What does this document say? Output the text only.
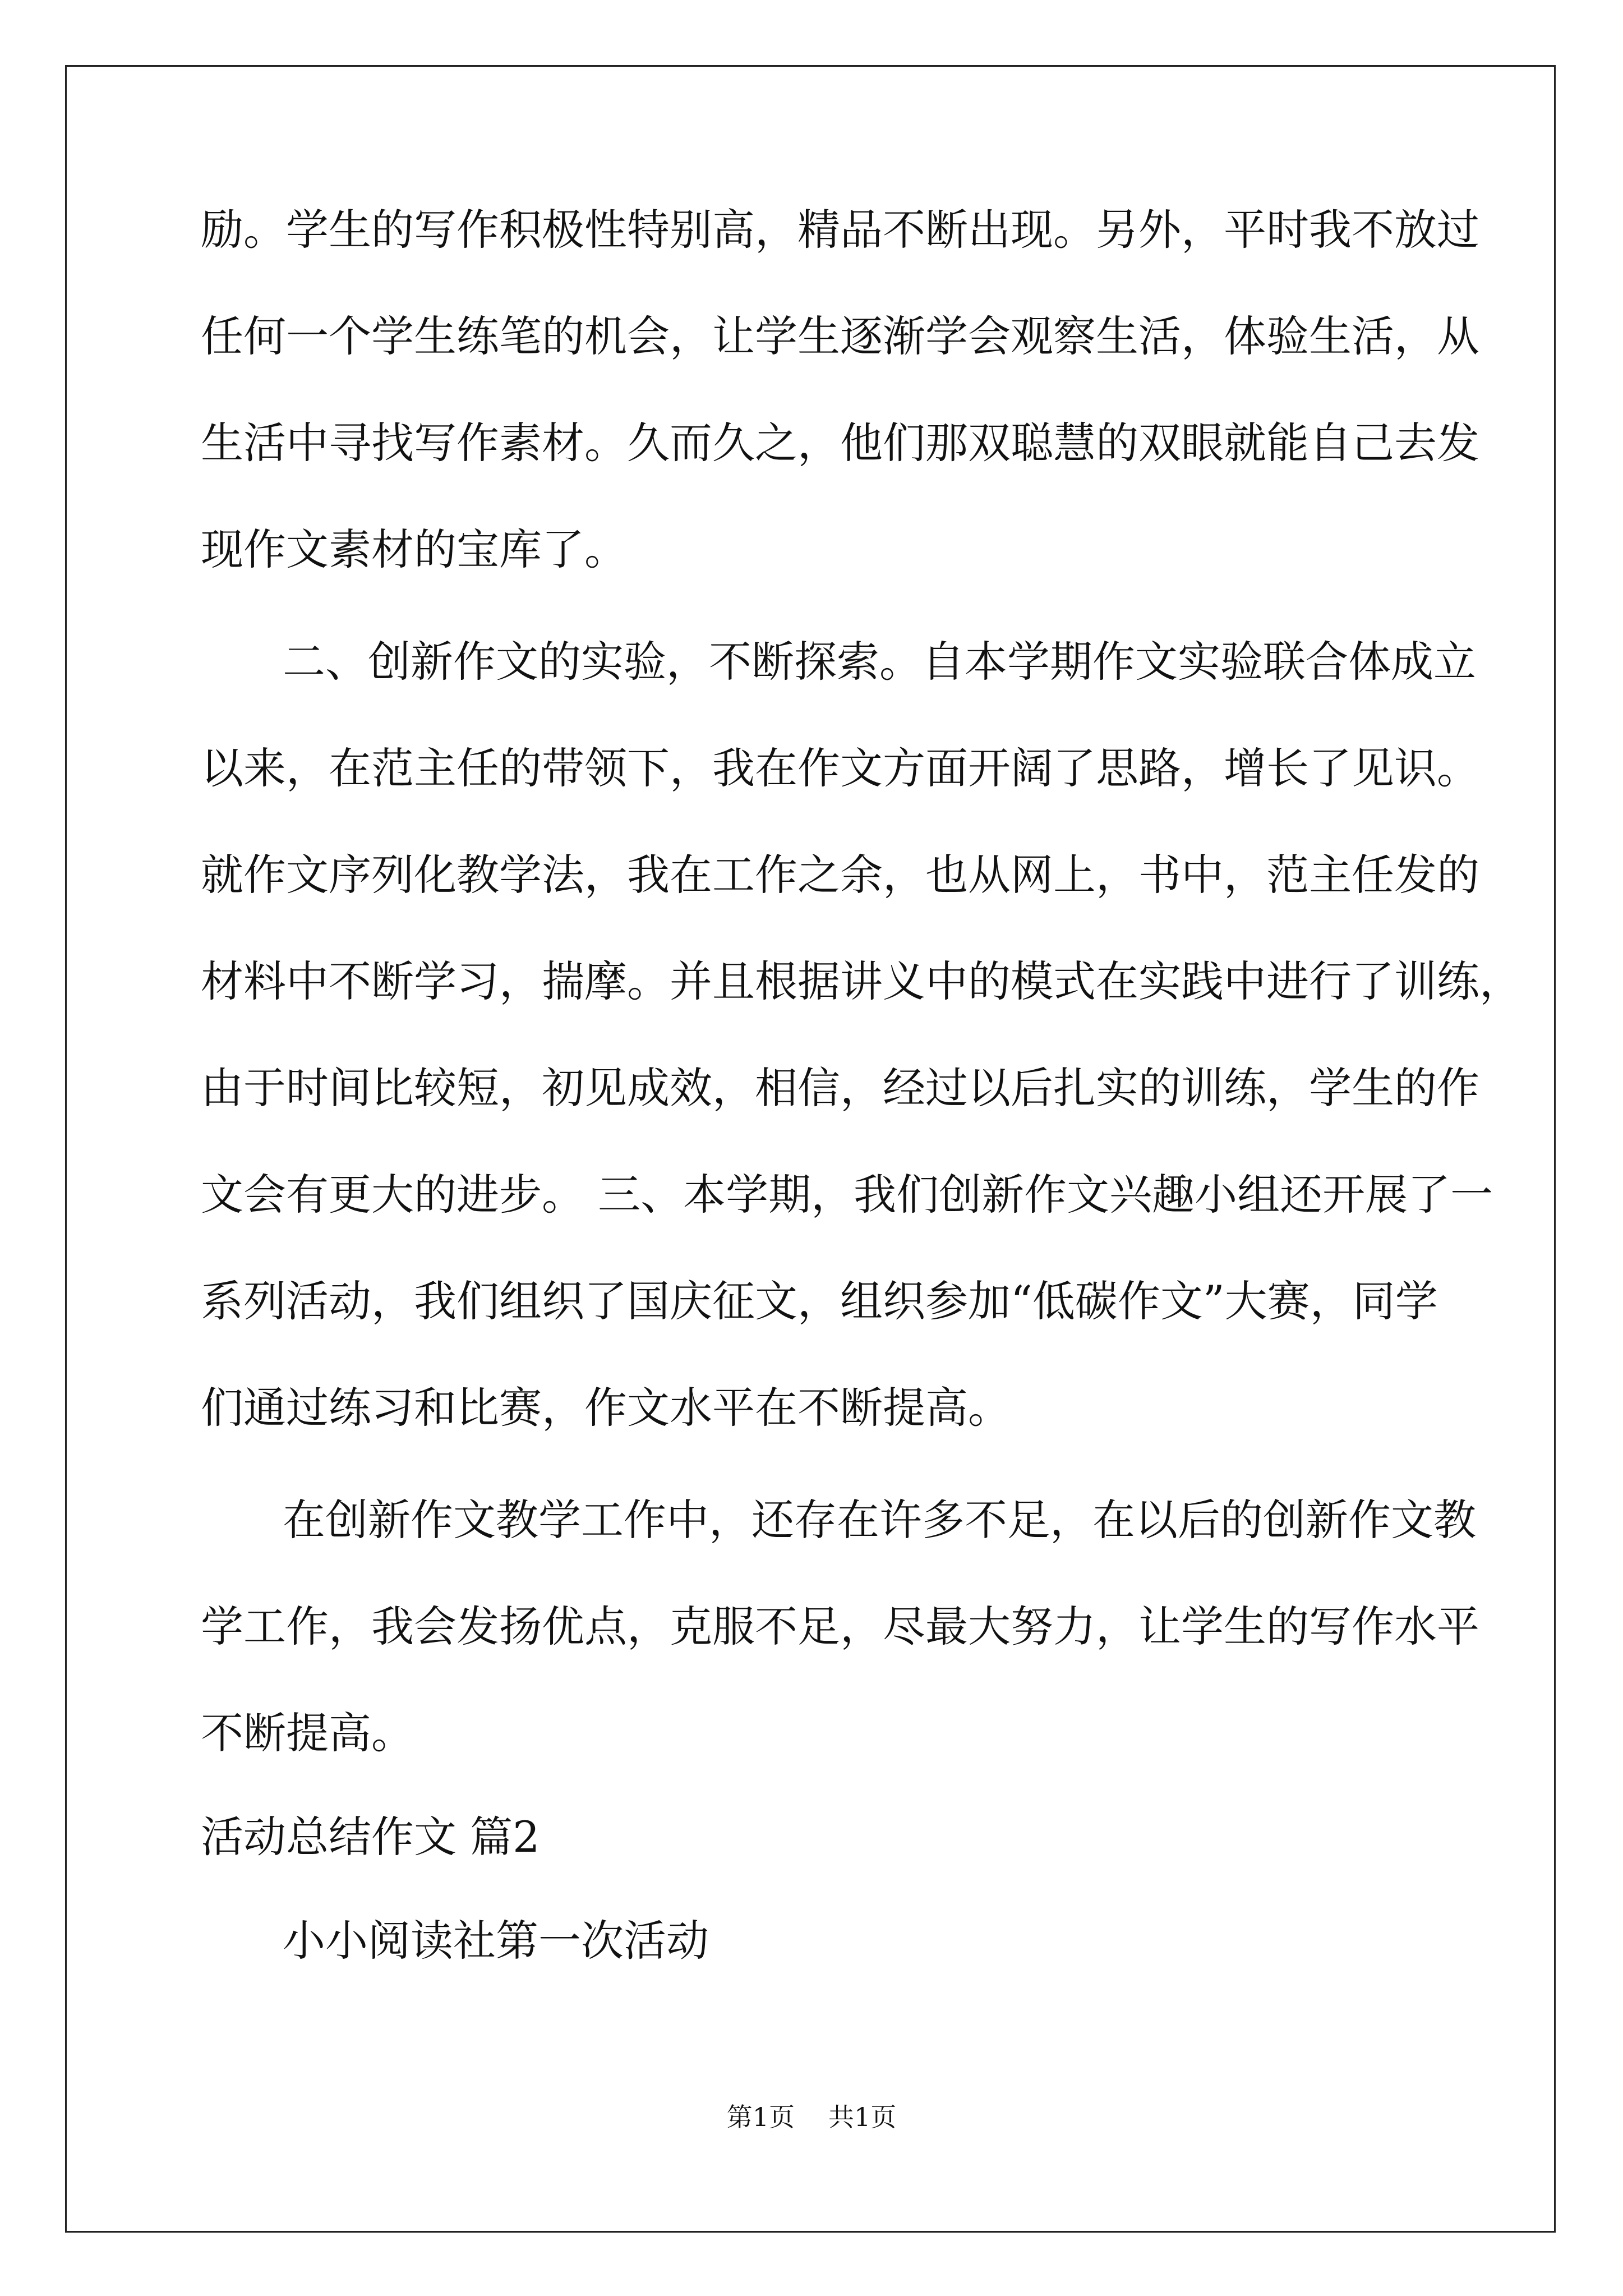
励。学生的写作积极性特别高，精品不断出现。另外，平时我不放过
任何一个学生练笔的机会，让学生逐渐学会观察生活，体验生活，从
生活中寻找写作素材。久而久之，他们那双聪慧的双眼就能自己去发
现作文素材的宝库了。
二、创新作文的实验，不断探索。自本学期作文实验联合体成立
以来，在范主任的带领下，我在作文方面开阔了思路，增长了见识。
就作文序列化教学法，我在工作之余，也从网上，书中，范主任发的
材料中不断学习，揣摩。并且根据讲义中的模式在实践中进行了训练，
由于时间比较短，初见成效，相信，经过以后扎实的训练，学生的作
文会有更大的进步。 三、本学期，我们创新作文兴趣小组还开展了一
系列活动，我们组织了国庆征文，组织参加“低碳作文”大赛，同学
们通过练习和比赛，作文水平在不断提高。
在创新作文教学工作中，还存在许多不足，在以后的创新作文教
学工作，我会发扬优点，克服不足，尽最大努力，让学生的写作水平
不断提高。
活动总结作文 篇2
小小阅读社第一次活动
第1页 共1页
